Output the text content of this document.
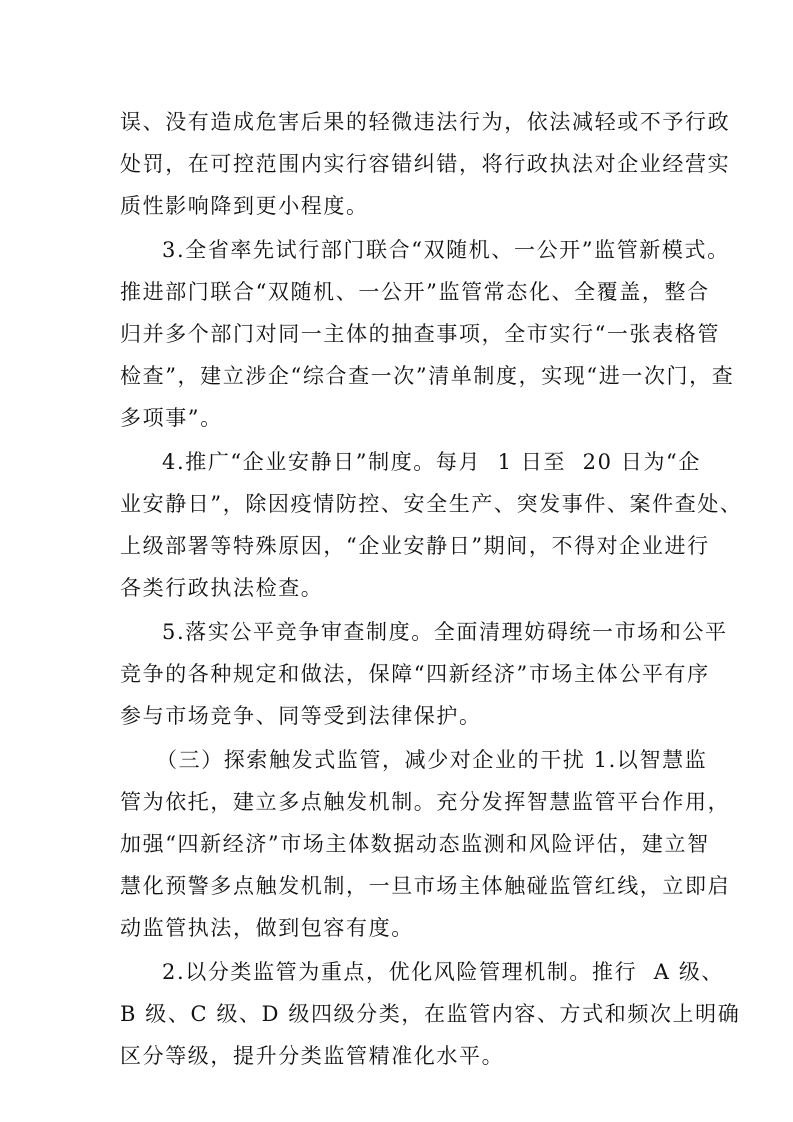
误、没有造成危害后果的轻微违法行为，依法减轻或不予行政
处罚，在可控范围内实行容错纠错，将行政执法对企业经营实
质性影响降到更小程度。
3.全省率先试行部门联合“双随机、一公开”监管新模式。
推进部门联合“双随机、一公开”监管常态化、全覆盖，整合
归并多个部门对同一主体的抽查事项，全市实行“一张表格管
检查”，建立涉企“综合查一次”清单制度，实现“进一次门，查
多项事”。
4.推广“企业安静日”制度。每月  1 日至  20 日为“企
业安静日”，除因疫情防控、安全生产、突发事件、案件查处、
上级部署等特殊原因，“企业安静日”期间，不得对企业进行
各类行政执法检查。
5.落实公平竞争审查制度。全面清理妨碍统一市场和公平
竞争的各种规定和做法，保障“四新经济”市场主体公平有序
参与市场竞争、同等受到法律保护。
（三）探索触发式监管，减少对企业的干扰 1.以智慧监
管为依托，建立多点触发机制。充分发挥智慧监管平台作用，
加强“四新经济”市场主体数据动态监测和风险评估，建立智
慧化预警多点触发机制，一旦市场主体触碰监管红线，立即启
动监管执法，做到包容有度。
2.以分类监管为重点，优化风险管理机制。推行  A 级、
B 级、C 级、D 级四级分类，在监管内容、方式和频次上明确
区分等级，提升分类监管精准化水平。
